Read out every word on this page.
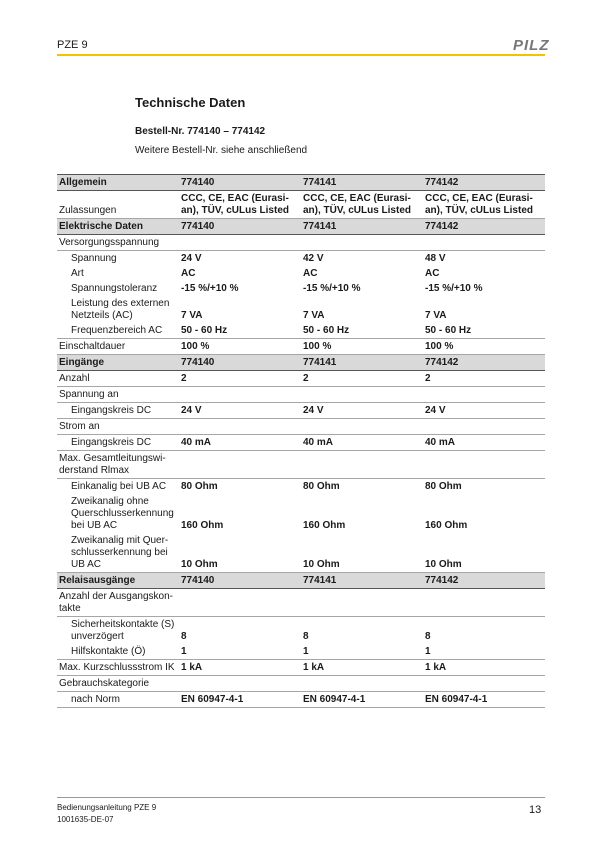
PZE 9	PILZ
Technische Daten
Bestell-Nr. 774140 – 774142
Weitere Bestell-Nr. siehe anschließend
Allgemein	774140	774141	774142
Zulassungen	CCC, CE, EAC (Eurasi-an), TÜV, cULus Listed	CCC, CE, EAC (Eurasi-an), TÜV, cULus Listed	CCC, CE, EAC (Eurasi-an), TÜV, cULus Listed
Elektrische Daten	774140	774141	774142
Versorgungsspannung			
Spannung	24 V	42 V	48 V
Art	AC	AC	AC
Spannungstoleranz	-15 %/+10 %	-15 %/+10 %	-15 %/+10 %
Leistung des externen Netzteils (AC)	7 VA	7 VA	7 VA
Frequenzbereich AC	50 - 60 Hz	50 - 60 Hz	50 - 60 Hz
Einschaltdauer	100 %	100 %	100 %
Eingänge	774140	774141	774142
Anzahl	2	2	2
Spannung an			
Eingangskreis DC	24 V	24 V	24 V
Strom an			
Eingangskreis DC	40 mA	40 mA	40 mA
Max. Gesamtleitungswi-derstand Rlmax			
Einkanalig bei UB AC	80 Ohm	80 Ohm	80 Ohm
Zweikanalig ohne Querschlusserkennung bei UB AC	160 Ohm	160 Ohm	160 Ohm
Zweikanalig mit Quer-schlusserkennung bei UB AC	10 Ohm	10 Ohm	10 Ohm
Relaisausgänge	774140	774141	774142
Anzahl der Ausgangskon-takte			
Sicherheitskontakte (S) unverzögert	8	8	8
Hilfskontakte (Ö)	1	1	1
Max. Kurzschlussstrom IK	1 kA	1 kA	1 kA
Gebrauchskategorie			
nach Norm	EN 60947-4-1	EN 60947-4-1	EN 60947-4-1
Bedienungsanleitung PZE 9
1001635-DE-07
13
